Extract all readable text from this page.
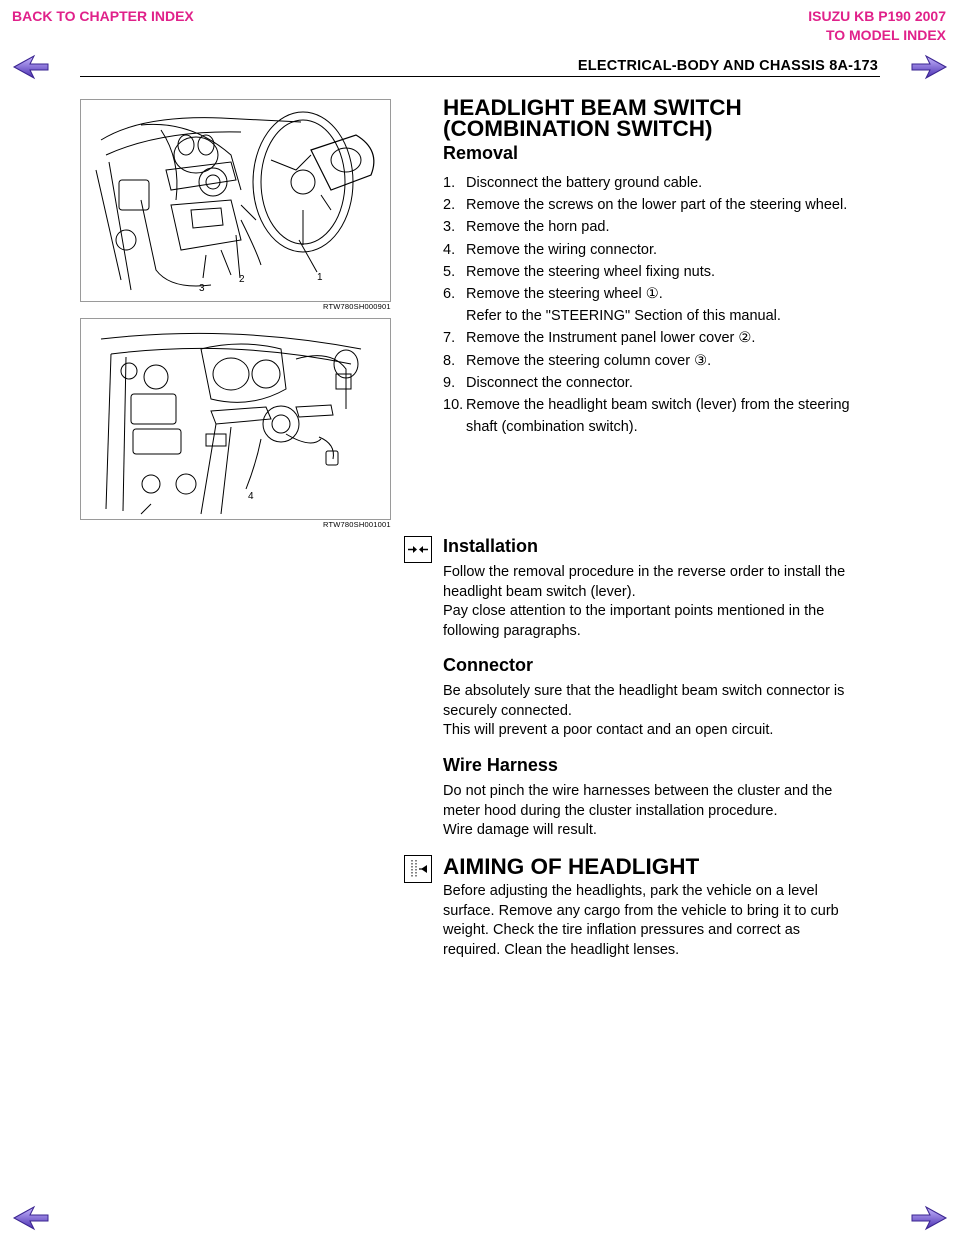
BACK TO CHAPTER INDEX	ISUZU KB P190 2007
TO MODEL INDEX
ELECTRICAL-BODY AND CHASSIS 8A-173
1
2
3
RTW780SH000901
4
RTW780SH001001
HEADLIGHT BEAM SWITCH
(COMBINATION SWITCH)
Removal
1. Disconnect the battery ground cable.
2. Remove the screws on the lower part of the steering wheel.
3. Remove the horn pad.
4. Remove the wiring connector.
5. Remove the steering wheel fixing nuts.
6. Remove the steering wheel ①.
Refer to the "STEERING" Section of this manual.
7. Remove the Instrument panel lower cover ②.
8. Remove the steering column cover ③.
9. Disconnect the connector.
10. Remove the headlight beam switch (lever) from the steering
shaft (combination switch).
Installation
Follow the removal procedure in the reverse order to install the
headlight beam switch (lever).
Pay close attention to the important points mentioned in the
following paragraphs.
Connector
Be absolutely sure that the headlight beam switch connector is
securely connected.
This will prevent a poor contact and an open circuit.
Wire Harness
Do not pinch the wire harnesses between the cluster and the
meter hood during the cluster installation procedure.
Wire damage will result.
AIMING OF HEADLIGHT
Before adjusting the headlights, park the vehicle on a level
surface. Remove any cargo from the vehicle to bring it to curb
weight. Check the tire inflation pressures and correct as
required. Clean the headlight lenses.
